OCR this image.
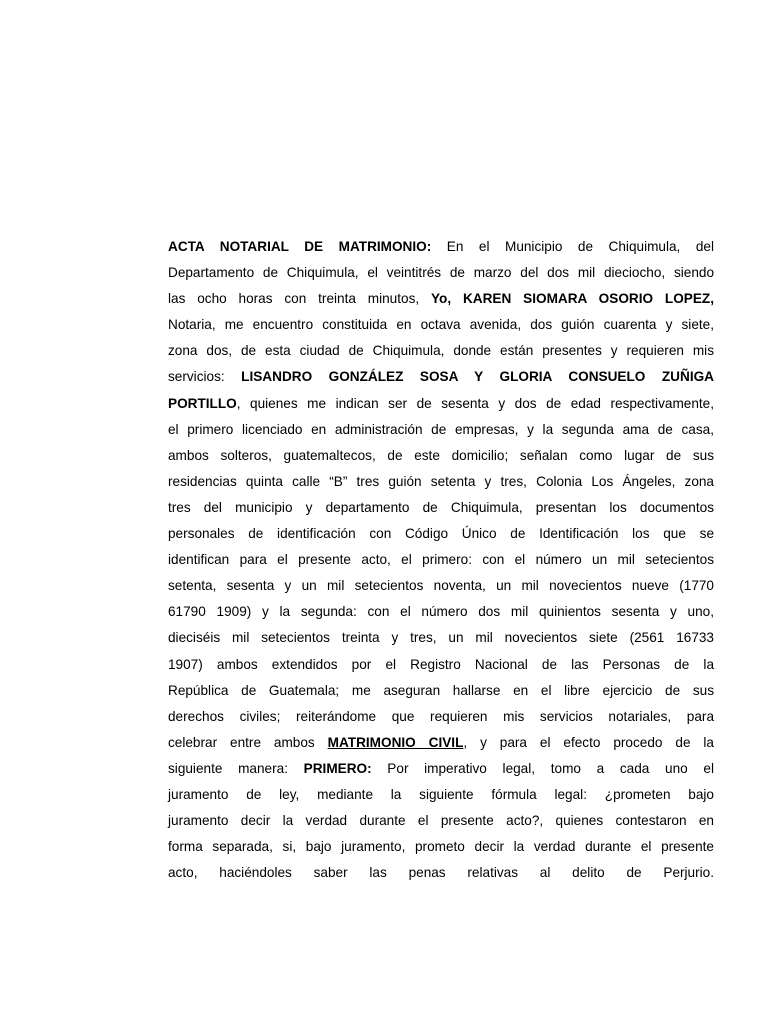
ACTA NOTARIAL DE MATRIMONIO: En el Municipio de Chiquimula, del
Departamento de Chiquimula, el veintitrés de marzo del dos mil dieciocho, siendo
las ocho horas con treinta minutos, Yo, KAREN SIOMARA OSORIO LOPEZ,
Notaria, me encuentro constituida en octava avenida, dos guión cuarenta y siete,
zona dos, de esta ciudad de Chiquimula, donde están presentes y requieren mis
servicios: LISANDRO GONZÁLEZ SOSA Y GLORIA CONSUELO ZUÑIGA
PORTILLO, quienes me indican ser de sesenta y dos de edad respectivamente,
el primero licenciado en administración de empresas, y la segunda ama de casa,
ambos solteros, guatemaltecos, de este domicilio; señalan como lugar de sus
residencias quinta calle “B” tres guión setenta y tres, Colonia Los Ángeles, zona
tres del municipio y departamento de Chiquimula, presentan los documentos
personales de identificación con Código Único de Identificación los que se
identifican para el presente acto, el primero: con el número un mil setecientos
setenta, sesenta y un mil setecientos noventa, un mil novecientos nueve (1770
61790 1909) y la segunda: con el número dos mil quinientos sesenta y uno,
dieciséis mil setecientos treinta y tres, un mil novecientos siete (2561 16733
1907) ambos extendidos por el Registro Nacional de las Personas de la
República de Guatemala; me aseguran hallarse en el libre ejercicio de sus
derechos civiles; reiterándome que requieren mis servicios notariales, para
celebrar entre ambos MATRIMONIO CIVIL, y para el efecto procedo de la
siguiente manera: PRIMERO: Por imperativo legal, tomo a cada uno el
juramento de ley, mediante la siguiente fórmula legal: ¿prometen bajo
juramento decir la verdad durante el presente acto?, quienes contestaron en
forma separada, si, bajo juramento, prometo decir la verdad durante el presente
acto, haciéndoles saber las penas relativas al delito de Perjurio.
